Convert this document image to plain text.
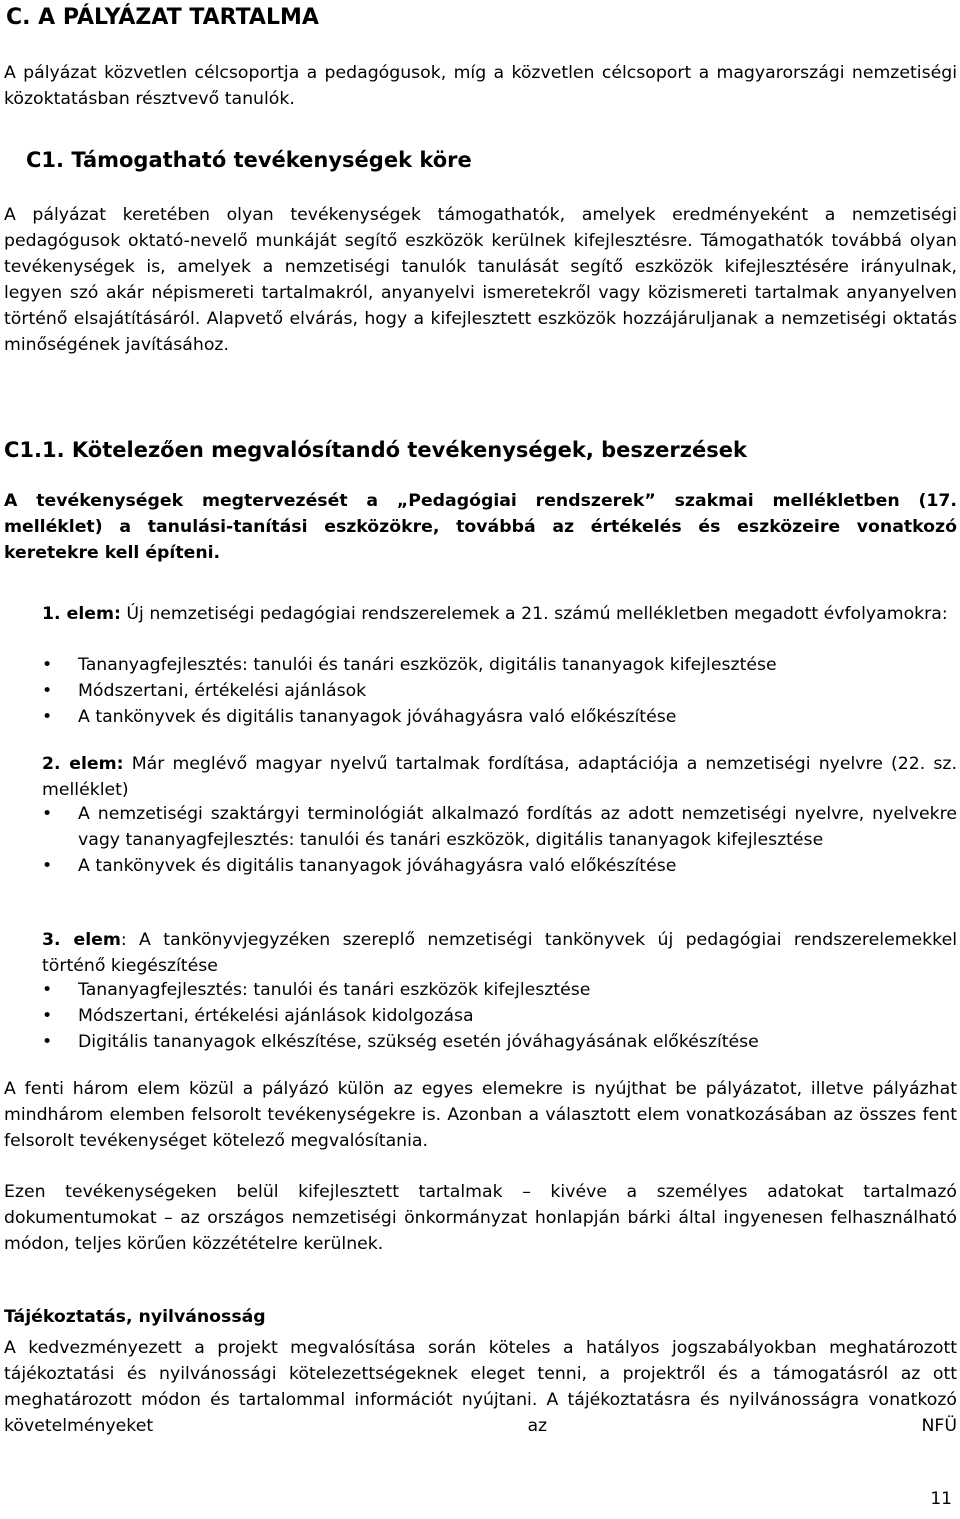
C. A PÁLYÁZAT TARTALMA

A pályázat közvetlen célcsoportja a pedagógusok, míg a közvetlen célcsoport a magyarországi nemzetiségi közoktatásban résztvevő tanulók.

C1. Támogatható tevékenységek köre

A pályázat keretében olyan tevékenységek támogathatók, amelyek eredményeként a nemzetiségi pedagógusok oktató-nevelő munkáját segítő eszközök kerülnek kifejlesztésre. Támogathatók továbbá olyan tevékenységek is, amelyek a nemzetiségi tanulók tanulását segítő eszközök kifejlesztésére irányulnak, legyen szó akár népismereti tartalmakról, anyanyelvi ismeretekről vagy közismereti tartalmak anyanyelven történő elsajátításáról. Alapvető elvárás, hogy a kifejlesztett eszközök hozzájáruljanak a nemzetiségi oktatás minőségének javításához.

C1.1. Kötelezően megvalósítandó tevékenységek, beszerzések

A tevékenységek megtervezését a „Pedagógiai rendszerek” szakmai mellékletben (17. melléklet) a tanulási-tanítási eszközökre, továbbá az értékelés és eszközeire vonatkozó keretekre kell építeni.

1. elem: Új nemzetiségi pedagógiai rendszerelemek a 21. számú mellékletben megadott évfolyamokra:

•	Tananyagfejlesztés: tanulói és tanári eszközök, digitális tananyagok kifejlesztése
•	Módszertani, értékelési ajánlások
•	A tankönyvek és digitális tananyagok jóváhagyásra való előkészítése

2. elem: Már meglévő magyar nyelvű tartalmak fordítása, adaptációja a nemzetiségi nyelvre (22. sz. melléklet)

•	A nemzetiségi szaktárgyi terminológiát alkalmazó fordítás az adott nemzetiségi nyelvre, nyelvekre vagy tananyagfejlesztés: tanulói és tanári eszközök, digitális tananyagok kifejlesztése
•	A tankönyvek és digitális tananyagok jóváhagyásra való előkészítése

3. elem: A tankönyvjegyzéken szereplő nemzetiségi tankönyvek új pedagógiai rendszerelemekkel történő kiegészítése

•	Tananyagfejlesztés: tanulói és tanári eszközök kifejlesztése
•	Módszertani, értékelési ajánlások kidolgozása
•	Digitális tananyagok elkészítése, szükség esetén jóváhagyásának előkészítése

A fenti három elem közül a pályázó külön az egyes elemekre is nyújthat be pályázatot, illetve pályázhat mindhárom elemben felsorolt tevékenységekre is. Azonban a választott elem vonatkozásában az összes fent felsorolt tevékenységet kötelező megvalósítania.

Ezen tevékenységeken belül kifejlesztett tartalmak – kivéve a személyes adatokat tartalmazó dokumentumokat – az országos nemzetiségi önkormányzat honlapján bárki által ingyenesen felhasználható módon, teljes körűen közzétételre kerülnek.

Tájékoztatás, nyilvánosság

A kedvezményezett a projekt megvalósítása során köteles a hatályos jogszabályokban meghatározott tájékoztatási és nyilvánossági kötelezettségeknek eleget tenni, a projektről és a támogatásról az ott meghatározott módon és tartalommal információt nyújtani. A tájékoztatásra és nyilvánosságra vonatkozó követelményeket az NFÜ

11
